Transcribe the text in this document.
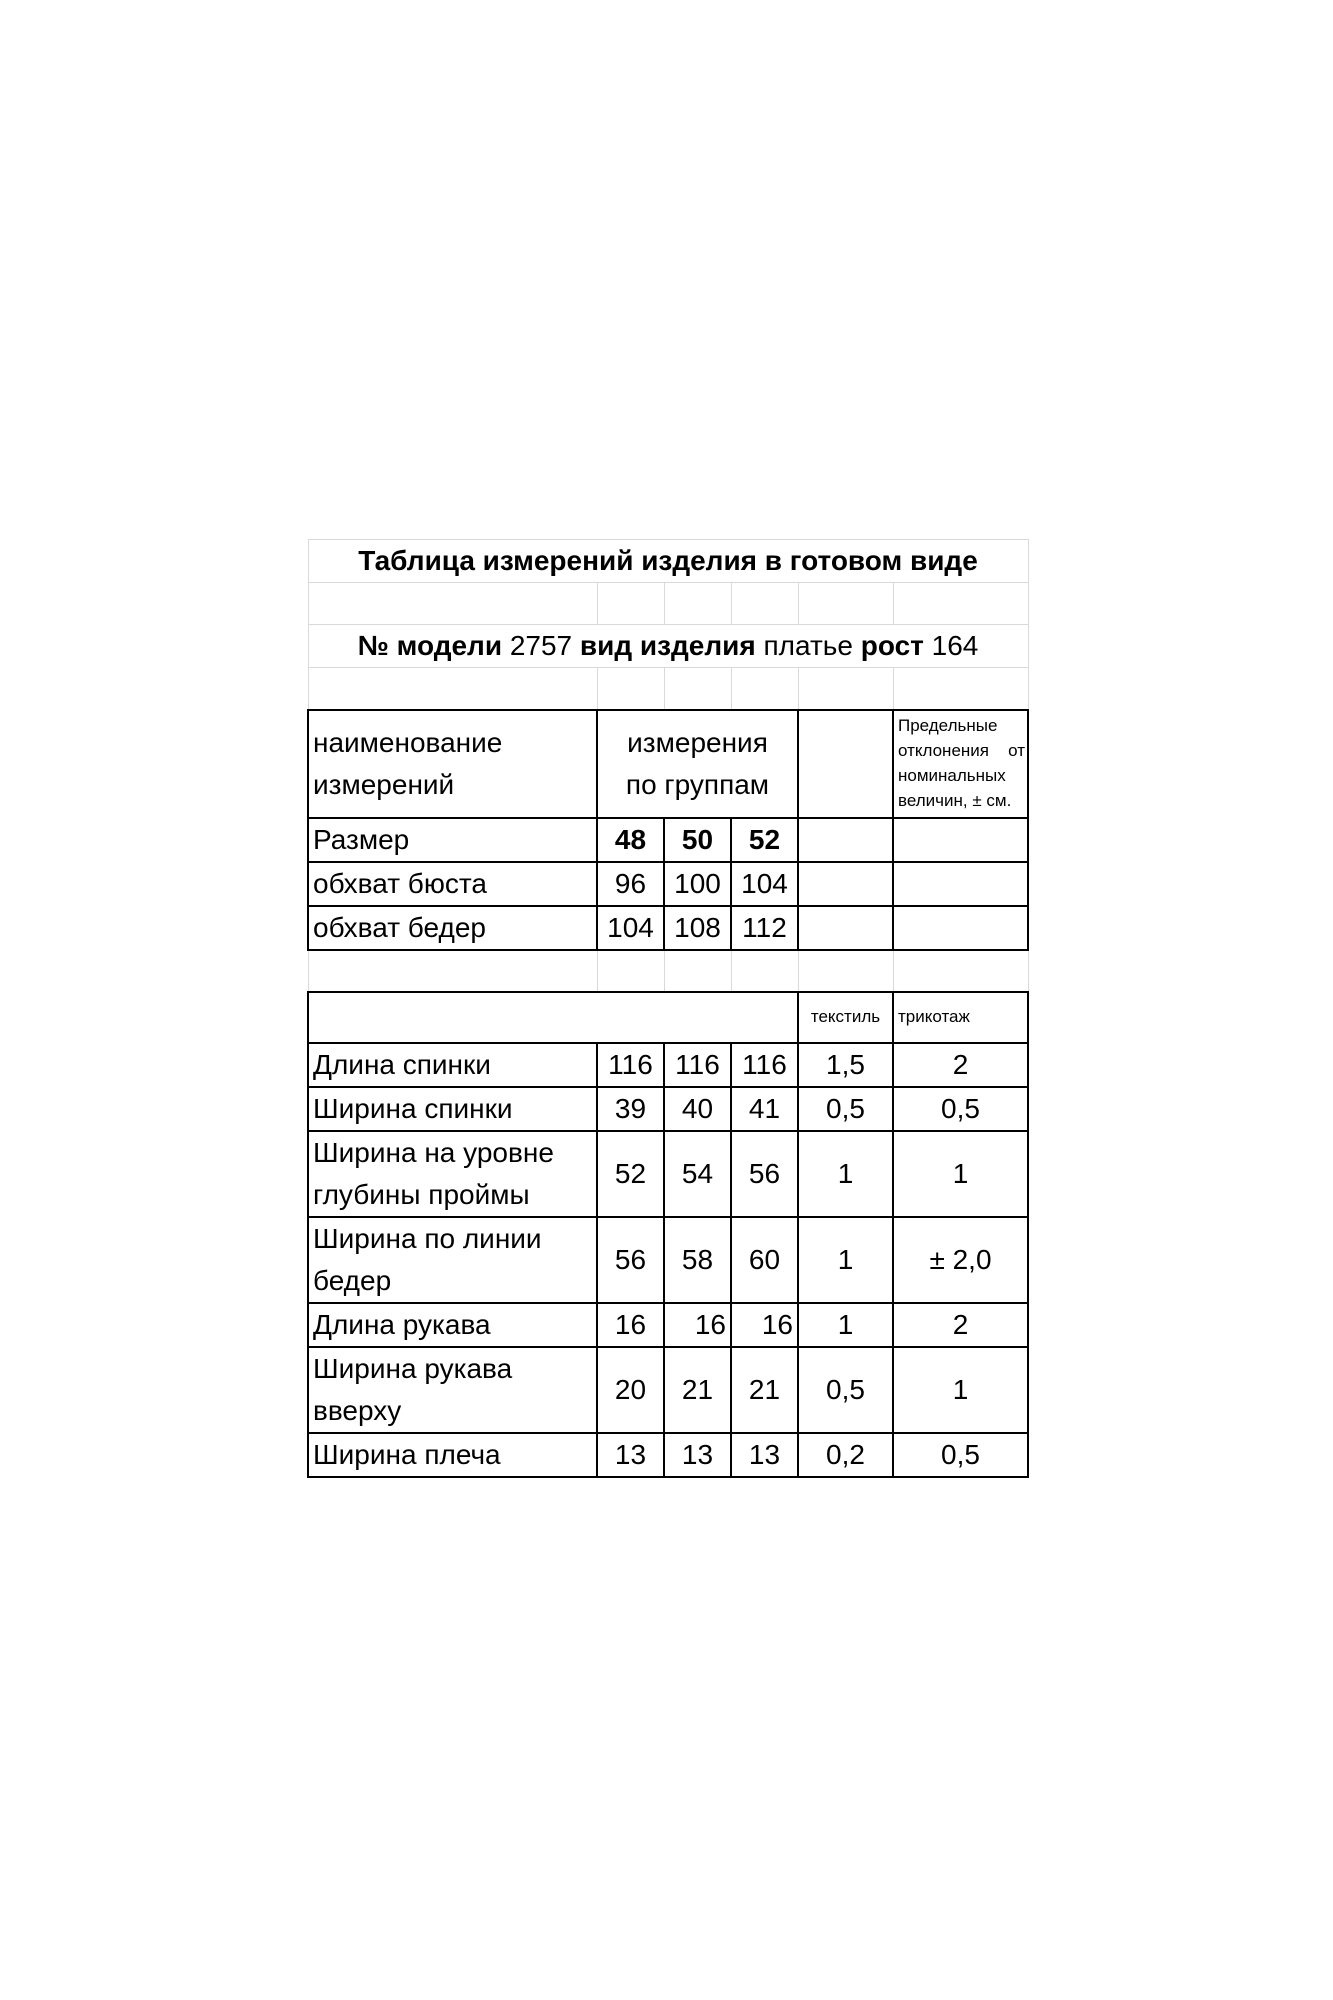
Таблица измерений изделия в готовом виде					

№ модели 2757 вид изделия платье рост 164					

наименование измерений	измерения по группам				Предельные отклонения от номинальных величин, ± см.
Размер	48	50	52		
обхват бюста	96	100	104		
обхват бедер	104	108	112		

				текстиль	трикотаж
Длина спинки	116	116	116	1,5	2
Ширина спинки	39	40	41	0,5	0,5
Ширина на уровне глубины проймы	52	54	56	1	1
Ширина по линии бедер	56	58	60	1	± 2,0
Длина рукава	16	16	16	1	2
Ширина рукава вверху	20	21	21	0,5	1
Ширина плеча	13	13	13	0,2	0,5
